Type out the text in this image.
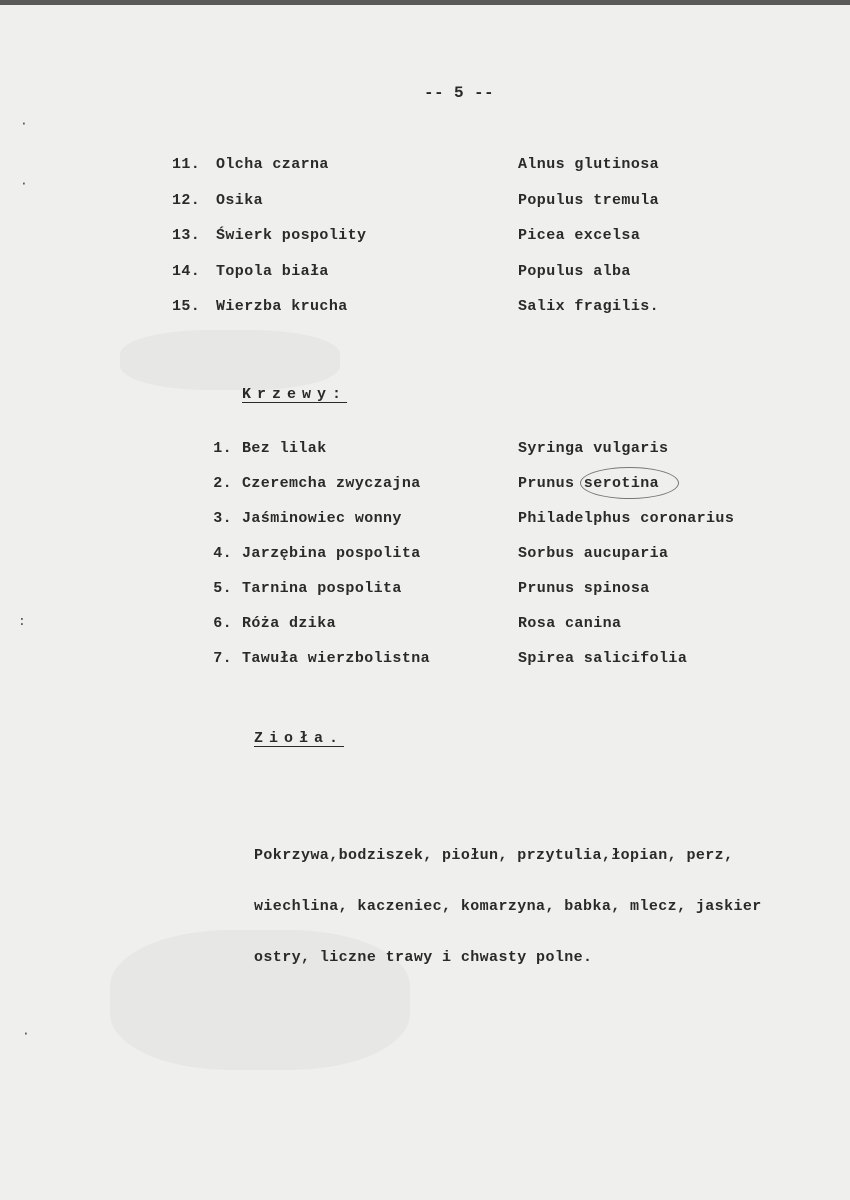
·
·
:
·
-- 5 --
11.	Olcha czarna	Alnus glutinosa
12.	Osika	Populus tremula
13.	Świerk pospolity	Picea excelsa
14.	Topola biała	Populus alba
15.	Wierzba krucha	Salix fragilis.
Krzewy:
1. Bez lilak	Syringa vulgaris
2. Czeremcha zwyczajna	Prunus serotina
3. Jaśminowiec wonny	Philadelphus coronarius
4. Jarzębina pospolita	Sorbus aucuparia
5. Tarnina pospolita	Prunus spinosa
6. Róża dzika	Rosa canina
7. Tawuła wierzbolistna	Spirea salicifolia
Zioła.

Pokrzywa,bodziszek, piołun, przytulia,łopian, perz, wiechlina, kaczeniec, komarzyna, babka, mlecz, jaskier ostry, liczne trawy i chwasty polne.
